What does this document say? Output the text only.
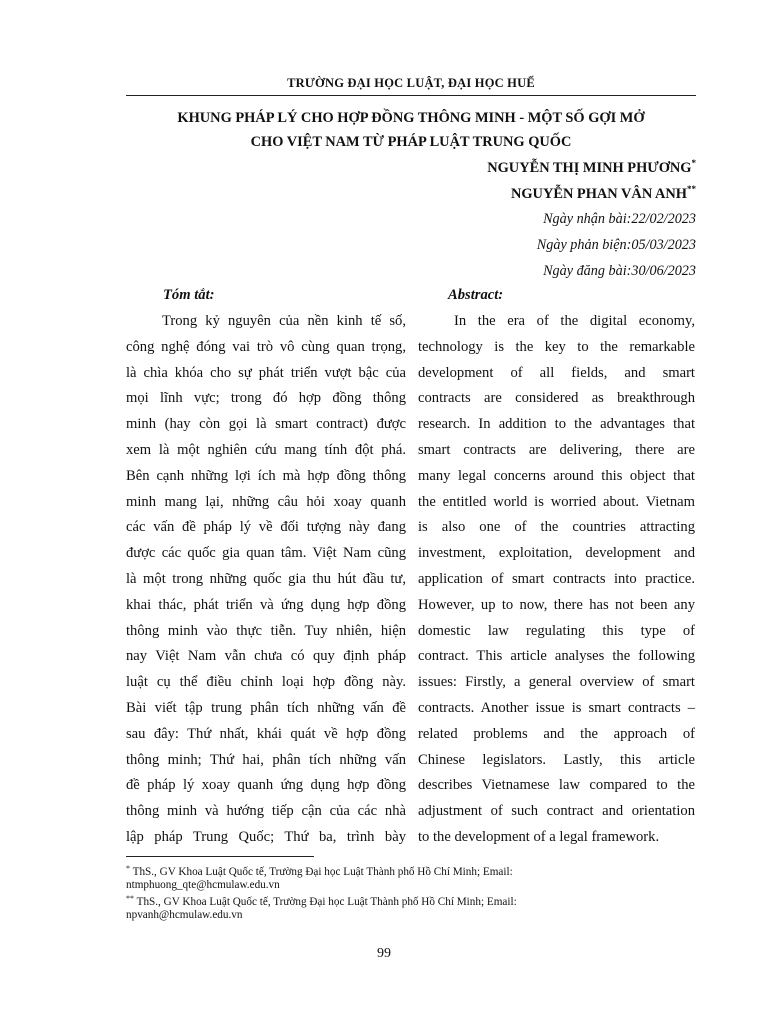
TRƯỜNG ĐẠI HỌC LUẬT, ĐẠI HỌC HUẾ
KHUNG PHÁP LÝ CHO HỢP ĐỒNG THÔNG MINH - MỘT SỐ GỢI MỞ
CHO VIỆT NAM TỪ PHÁP LUẬT TRUNG QUỐC
NGUYỄN THỊ MINH PHƯƠNG*
NGUYỄN PHAN VÂN ANH**
Ngày nhận bài:22/02/2023
Ngày phản biện:05/03/2023
Ngày đăng bài:30/06/2023
Tóm tắt:	Abstract:

Trong kỷ nguyên của nền kinh tế số,

công nghệ đóng vai trò vô cùng quan trọng,

là chìa khóa cho sự phát triển vượt bậc của

mọi lĩnh vực; trong đó hợp đồng thông

minh (hay còn gọi là smart contract) được

xem là một nghiên cứu mang tính đột phá.

Bên cạnh những lợi ích mà hợp đồng thông

minh mang lại, những câu hỏi xoay quanh

các vấn đề pháp lý về đối tượng này đang

được các quốc gia quan tâm. Việt Nam cũng

là một trong những quốc gia thu hút đầu tư,

khai thác, phát triển và ứng dụng hợp đồng

thông minh vào thực tiễn. Tuy nhiên, hiện

nay Việt Nam vẫn chưa có quy định pháp

luật cụ thể điều chỉnh loại hợp đồng này.

Bài viết tập trung phân tích những vấn đề

sau đây: Thứ nhất, khái quát về hợp đồng

thông minh; Thứ hai, phân tích những vấn

đề pháp lý xoay quanh ứng dụng hợp đồng

thông minh và hướng tiếp cận của các nhà

lập pháp Trung Quốc; Thứ ba, trình bày

In the era of the digital economy,

technology is the key to the remarkable

development of all fields, and smart

contracts are considered as breakthrough

research. In addition to the advantages that

smart contracts are delivering, there are

many legal concerns around this object that

the entitled world is worried about. Vietnam

is also one of the countries attracting

investment, exploitation, development and

application of smart contracts into practice.

However, up to now, there has not been any

domestic law regulating this type of

contract. This article analyses the following

issues: Firstly, a general overview of smart

contracts. Another issue is smart contracts –

related problems and the approach of

Chinese legislators. Lastly, this article

describes Vietnamese law compared to the

adjustment of such contract and orientation

to the development of a legal framework.

* ThS., GV Khoa Luật Quốc tế, Trường Đại học Luật Thành phố Hồ Chí Minh; Email:
ntmphuong_qte@hcmulaw.edu.vn
** ThS., GV Khoa Luật Quốc tế, Trường Đại học Luật Thành phố Hồ Chí Minh; Email:
npvanh@hcmulaw.edu.vn
99
